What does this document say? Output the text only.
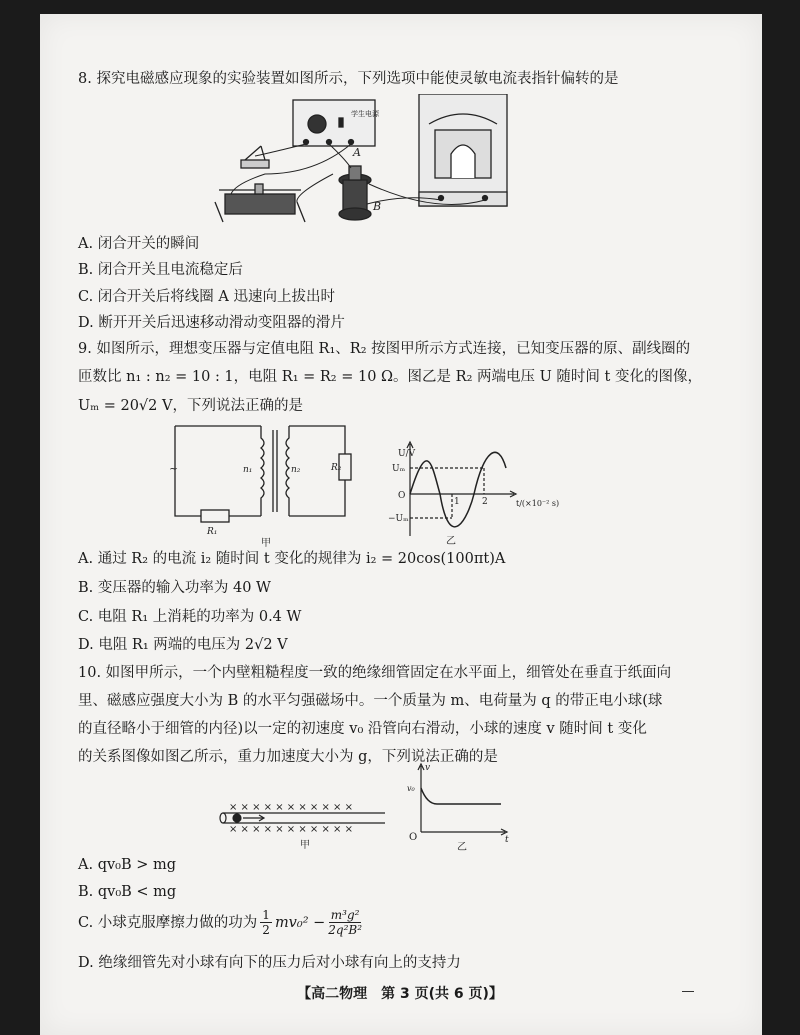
8. 探究电磁感应现象的实验装置如图所示，下列选项中能使灵敏电流表指针偏转的是
学生电源
A
B
A. 闭合开关的瞬间
B. 闭合开关且电流稳定后
C. 闭合开关后将线圈 A 迅速向上拔出时
D. 断开开关后迅速移动滑动变阻器的滑片
9. 如图所示，理想变压器与定值电阻 R₁、R₂ 按图甲所示方式连接，已知变压器的原、副线圈的
匝数比 n₁ : n₂ = 10 : 1，电阻 R₁ = R₂ = 10 Ω。图乙是 R₂ 两端电压 U 随时间 t 变化的图像，
Uₘ = 20√2 V，下列说法正确的是
~	n₁	n₂	R₂
R₁
甲
U/V
Uₘ
−Uₘ
O
1 2	t/(×10⁻² s)
乙
A. 通过 R₂ 的电流 i₂ 随时间 t 变化的规律为 i₂ = 20cos(100πt)A
B. 变压器的输入功率为 40 W
C. 电阻 R₁ 上消耗的功率为 0.4 W
D. 电阻 R₁ 两端的电压为 2√2 V
10. 如图甲所示，一个内壁粗糙程度一致的绝缘细管固定在水平面上，细管处在垂直于纸面向
里、磁感应强度大小为 B 的水平匀强磁场中。一个质量为 m、电荷量为 q 的带正电小球(球
的直径略小于细管的内径)以一定的初速度 v₀ 沿管向右滑动，小球的速度 v 随时间 t 变化
的关系图像如图乙所示，重力加速度大小为 g，下列说法正确的是
× × × × × × × × × × ×
× × × × × × × × × × ×
甲
v
v₀
O	t
乙
A. qv₀B > mg
B. qv₀B < mg
C. 小球克服摩擦力做的功为 1
2 $mv_0^2 - \frac{\text{m³g²}}{\text{2q²B²}}$
D. 绝缘细管先对小球有向下的压力后对小球有向上的支持力
【高二物理　第 3 页(共 6 页)】
